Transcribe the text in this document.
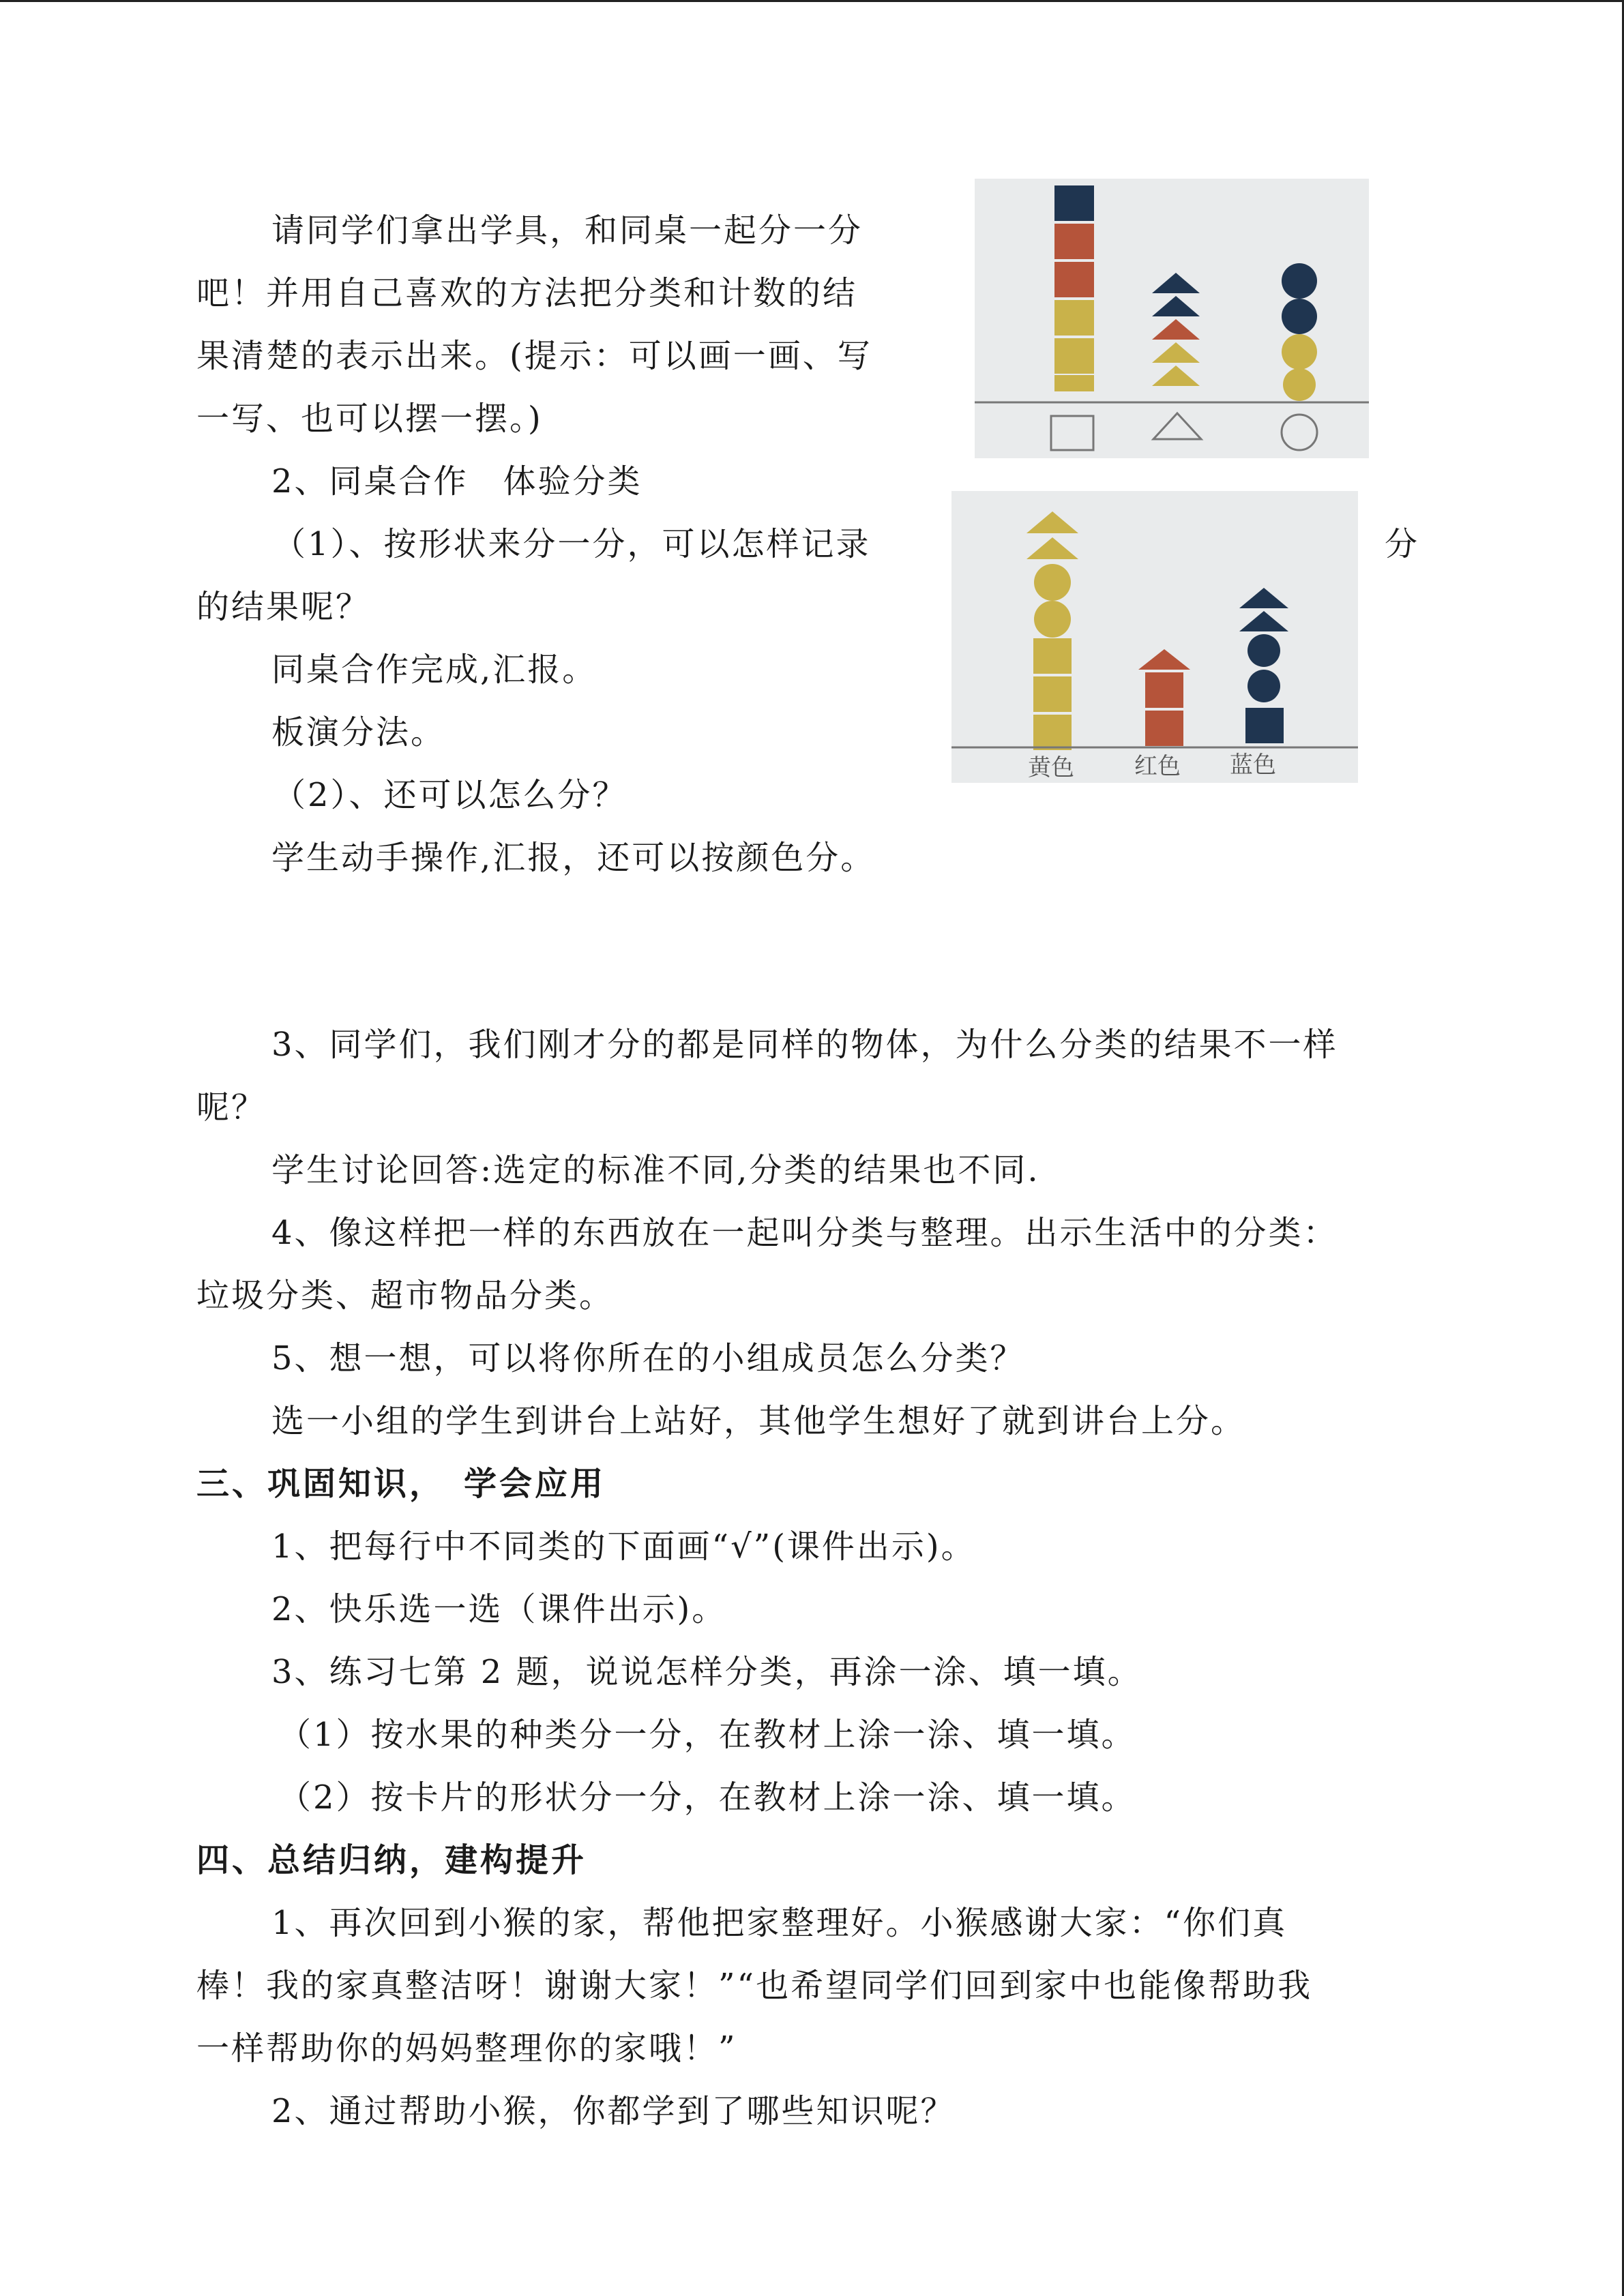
请同学们拿出学具，和同桌一起分一分
吧！并用自己喜欢的方法把分类和计数的结
果清楚的表示出来。(提示：可以画一画、写
一写、也可以摆一摆。)
2、同桌合作　体验分类
（1）、按形状来分一分，可以怎样记录	分
的结果呢？
同桌合作完成,汇报。
板演分法。
（2）、还可以怎么分？
学生动手操作,汇报，还可以按颜色分。
3、同学们，我们刚才分的都是同样的物体，为什么分类的结果不一样
呢？
学生讨论回答:选定的标准不同,分类的结果也不同.
4、像这样把一样的东西放在一起叫分类与整理。出示生活中的分类：
垃圾分类、超市物品分类。
5、想一想，可以将你所在的小组成员怎么分类？
选一小组的学生到讲台上站好，其他学生想好了就到讲台上分。
三、巩固知识，　学会应用
1、把每行中不同类的下面画“√”(课件出示)。
2、快乐选一选（课件出示)。
3、练习七第 2 题，说说怎样分类，再涂一涂、填一填。
（1）按水果的种类分一分，在教材上涂一涂、填一填。
（2）按卡片的形状分一分，在教材上涂一涂、填一填。
四、总结归纳，建构提升
1、再次回到小猴的家，帮他把家整理好。小猴感谢大家：“你们真
棒！我的家真整洁呀！谢谢大家！”“也希望同学们回到家中也能像帮助我
一样帮助你的妈妈整理你的家哦！”
2、通过帮助小猴，你都学到了哪些知识呢？
黄色	红色 蓝色
